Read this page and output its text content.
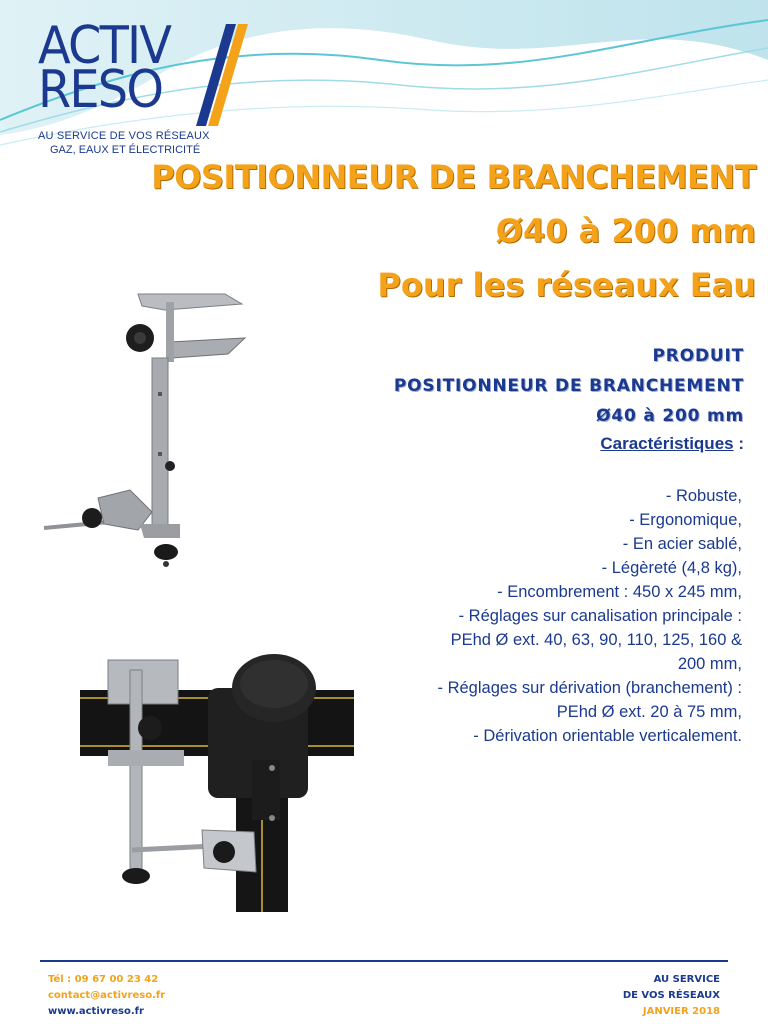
ACTIV
RESO
AU SERVICE DE VOS RÉSEAUX
GAZ, EAUX ET ÉLECTRICITÉ
POSITIONNEUR DE BRANCHEMENT
Ø40 à 200 mm
Pour les réseaux Eau
PRODUIT
POSITIONNEUR DE BRANCHEMENT
Ø40 à 200 mm
Caractéristiques :
- Robuste,
- Ergonomique,
- En acier sablé,
- Légèreté (4,8 kg),
- Encombrement : 450 x 245 mm,
- Réglages sur canalisation principale :
PEhd Ø ext. 40, 63, 90, 110, 125, 160 &
200 mm,
- Réglages sur dérivation (branchement) :
PEhd Ø ext. 20 à 75 mm,
- Dérivation orientable verticalement.
Tél : 09 67 00 23 42
contact@activreso.fr
www.activreso.fr
AU SERVICE
DE VOS RÉSEAUX
JANVIER 2018
